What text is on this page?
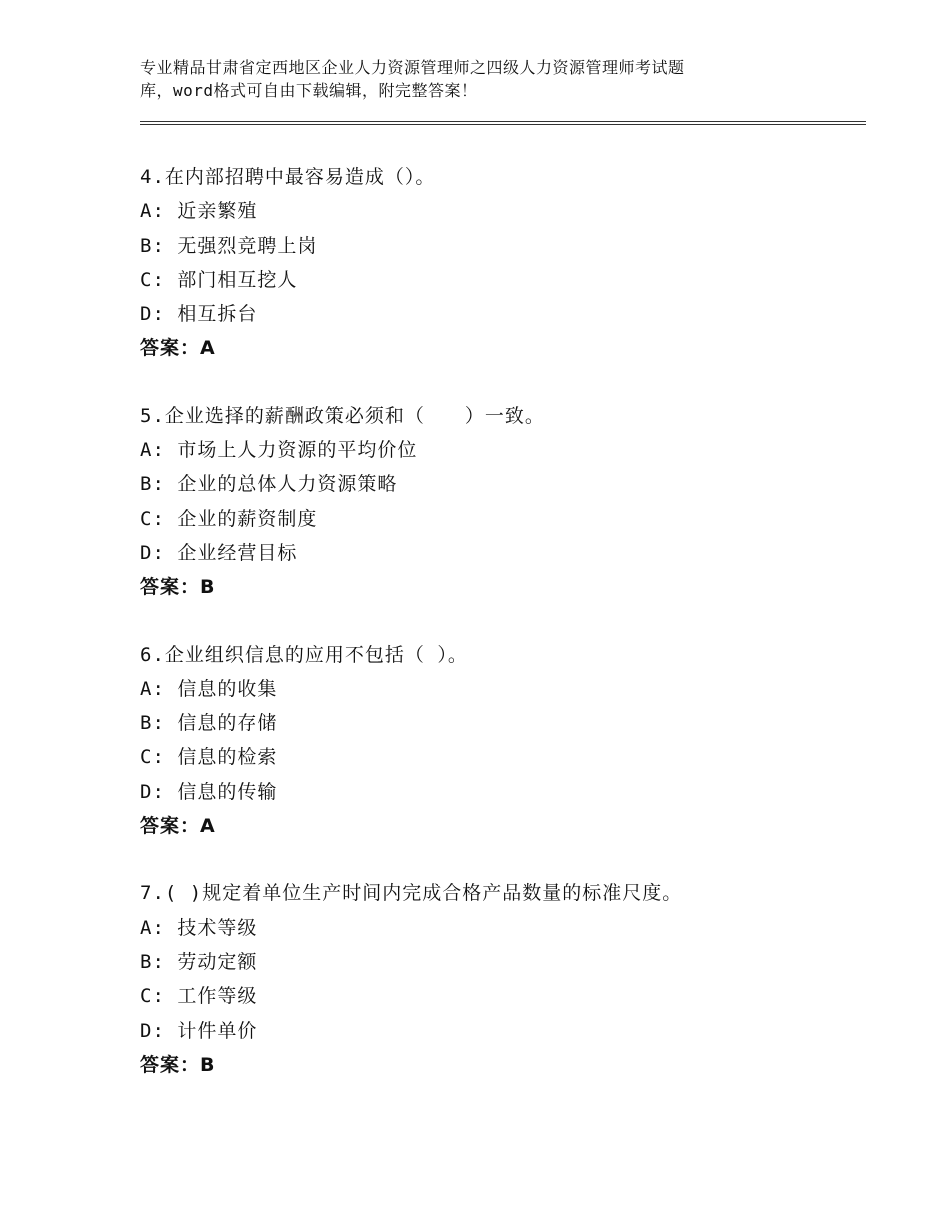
专业精品甘肃省定西地区企业人力资源管理师之四级人力资源管理师考试题
库，word格式可自由下载编辑，附完整答案！
4.在内部招聘中最容易造成（）。
A: 近亲繁殖
B: 无强烈竞聘上岗
C: 部门相互挖人
D: 相互拆台
答案：A
5.企业选择的薪酬政策必须和（　　）一致。
A: 市场上人力资源的平均价位
B: 企业的总体人力资源策略
C: 企业的薪资制度
D: 企业经营目标
答案：B
6.企业组织信息的应用不包括（ ）。
A: 信息的收集
B: 信息的存储
C: 信息的检索
D: 信息的传输
答案：A
7.( )规定着单位生产时间内完成合格产品数量的标准尺度。
A: 技术等级
B: 劳动定额
C: 工作等级
D: 计件单价
答案：B
